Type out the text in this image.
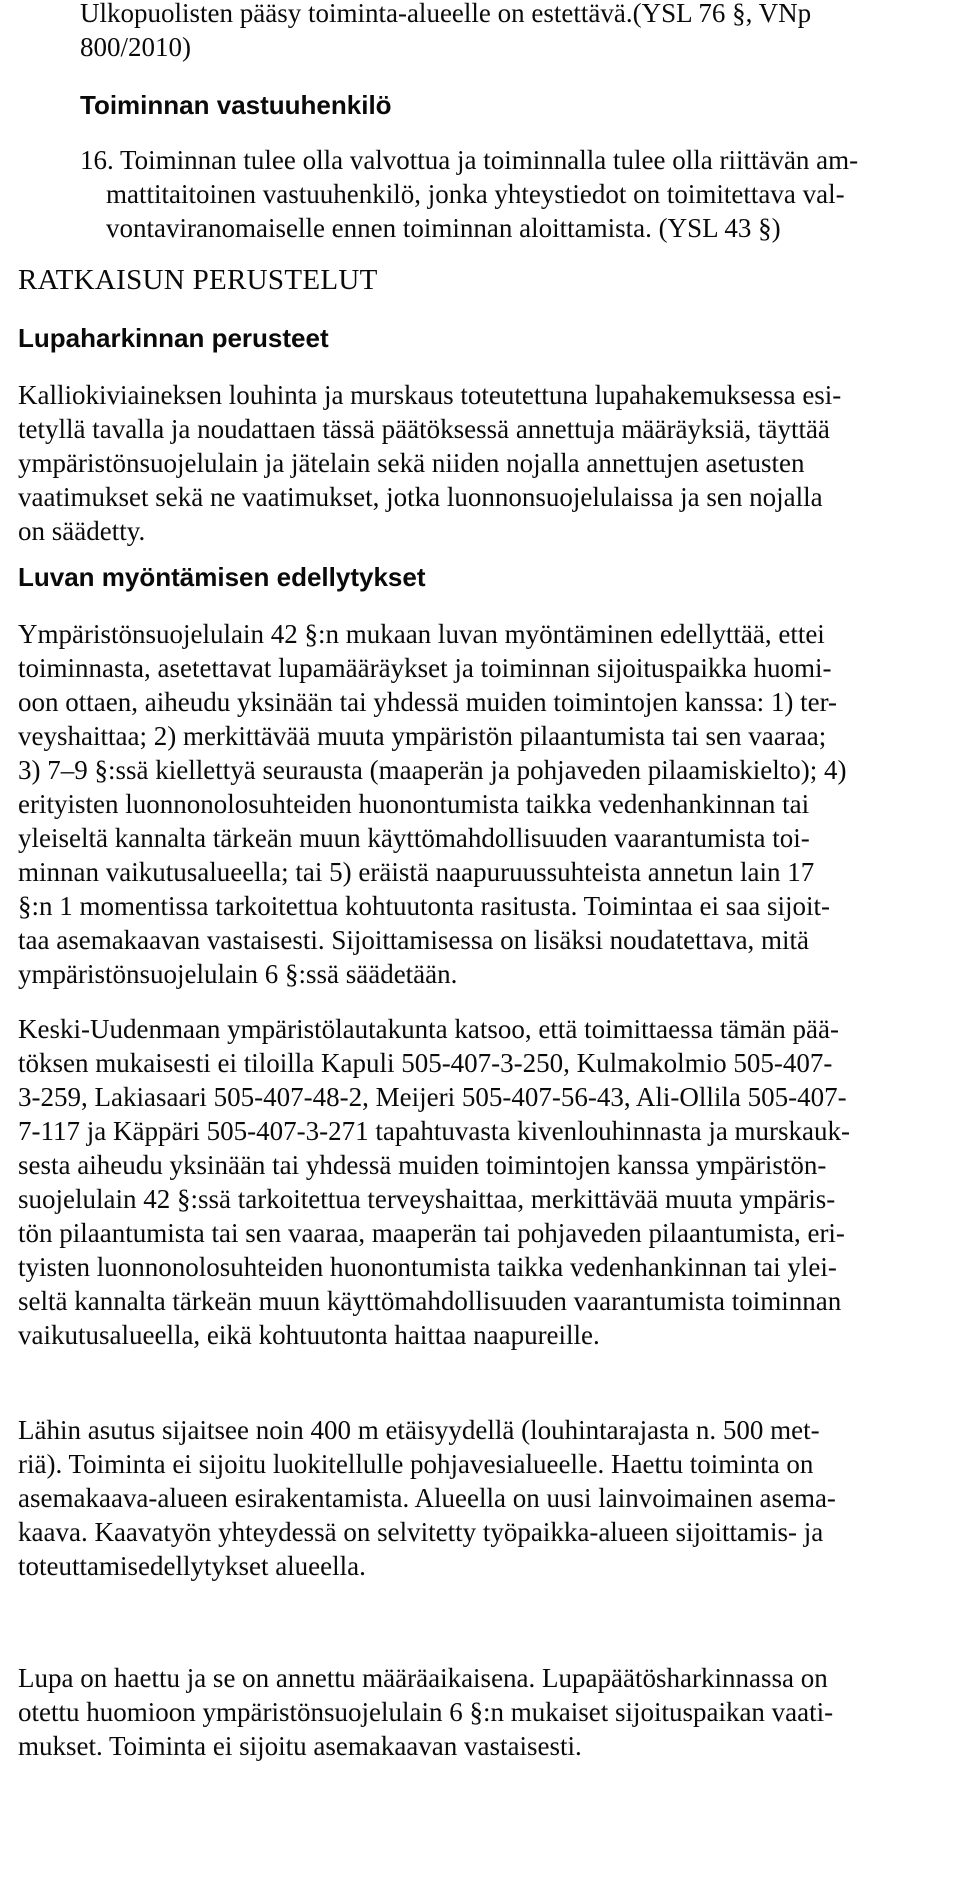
Ulkopuolisten pääsy toiminta-alueelle on estettävä.(YSL 76 §, VNp
800/2010)
Toiminnan vastuuhenkilö
16. Toiminnan tulee olla valvottua ja toiminnalla tulee olla riittävän am-
mattitaitoinen vastuuhenkilö, jonka yhteystiedot on toimitettava val-
vontaviranomaiselle ennen toiminnan aloittamista. (YSL 43 §)
RATKAISUN PERUSTELUT
Lupaharkinnan perusteet
Kalliokiviaineksen louhinta ja murskaus toteutettuna lupahakemuksessa esi-
tetyllä tavalla ja noudattaen tässä päätöksessä annettuja määräyksiä, täyttää
ympäristönsuojelulain ja jätelain sekä niiden nojalla annettujen asetusten
vaatimukset sekä ne vaatimukset, jotka luonnonsuojelulaissa ja sen nojalla
on säädetty.
Luvan myöntämisen edellytykset
Ympäristönsuojelulain 42 §:n mukaan luvan myöntäminen edellyttää, ettei
toiminnasta, asetettavat lupamääräykset ja toiminnan sijoituspaikka huomi-
oon ottaen, aiheudu yksinään tai yhdessä muiden toimintojen kanssa: 1) ter-
veyshaittaa; 2) merkittävää muuta ympäristön pilaantumista tai sen vaaraa;
3) 7–9 §:ssä kiellettyä seurausta (maaperän ja pohjaveden pilaamiskielto); 4)
erityisten luonnonolosuhteiden huonontumista taikka vedenhankinnan tai
yleiseltä kannalta tärkeän muun käyttömahdollisuuden vaarantumista toi-
minnan vaikutusalueella; tai 5) eräistä naapuruussuhteista annetun lain 17
§:n 1 momentissa tarkoitettua kohtuutonta rasitusta. Toimintaa ei saa sijoit-
taa asemakaavan vastaisesti. Sijoittamisessa on lisäksi noudatettava, mitä
ympäristönsuojelulain 6 §:ssä säädetään.
Keski-Uudenmaan ympäristölautakunta katsoo, että toimittaessa tämän pää-
töksen mukaisesti ei tiloilla Kapuli 505-407-3-250, Kulmakolmio 505-407-
3-259, Lakiasaari 505-407-48-2, Meijeri 505-407-56-43, Ali-Ollila 505-407-
7-117 ja Käppäri 505-407-3-271 tapahtuvasta kivenlouhinnasta ja murskauk-
sesta aiheudu yksinään tai yhdessä muiden toimintojen kanssa ympäristön-
suojelulain 42 §:ssä tarkoitettua terveyshaittaa, merkittävää muuta ympäris-
tön pilaantumista tai sen vaaraa, maaperän tai pohjaveden pilaantumista, eri-
tyisten luonnonolosuhteiden huonontumista taikka vedenhankinnan tai ylei-
seltä kannalta tärkeän muun käyttömahdollisuuden vaarantumista toiminnan
vaikutusalueella, eikä kohtuutonta haittaa naapureille.
Lähin asutus sijaitsee noin 400 m etäisyydellä (louhintarajasta n. 500 met-
riä). Toiminta ei sijoitu luokitellulle pohjavesialueelle. Haettu toiminta on
asemakaava-alueen esirakentamista. Alueella on uusi lainvoimainen asema-
kaava. Kaavatyön yhteydessä on selvitetty työpaikka-alueen sijoittamis- ja
toteuttamisedellytykset alueella.
Lupa on haettu ja se on annettu määräaikaisena. Lupapäätösharkinnassa on
otettu huomioon ympäristönsuojelulain 6 §:n mukaiset sijoituspaikan vaati-
mukset. Toiminta ei sijoitu asemakaavan vastaisesti.
